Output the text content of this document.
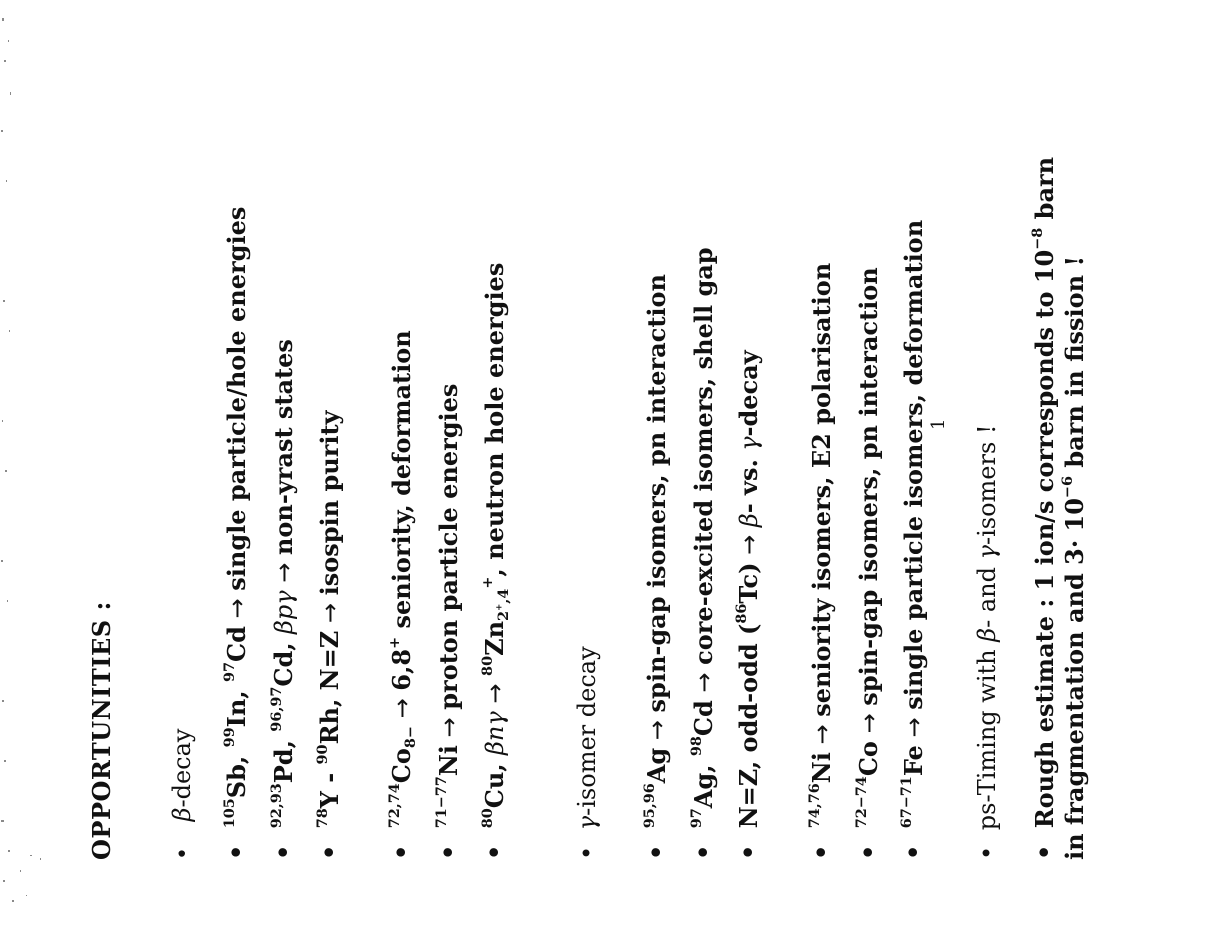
OPPORTUNITIES :	• β-decay
• $^{105}$Sb, $^{99}$In, $^{97}$Cd → single particle/hole energies
• $^{92,93}$Pd, $^{96,97}$Cd, βpγ → non-yrast states
• $^{78}$Y - $^{90}$Rh, N=Z → isospin purity
• $^{72,74}Co_{8-} \to 6,8^+$ seniority, deformation
• $^{71-77}$Ni → proton particle energies
• $^{80}$Cu, $\beta n\gamma \to ^{80}Zn_{2^+,4}^+$, neutron hole energies
• γ-isomer decay
• $^{95,96}$Ag → spin-gap isomers, pn interaction
• $^{97}$Ag, $^{98}$Cd → core-excited isomers, shell gap
• N=Z, odd-odd ($^{86}$Tc) → β- vs. γ-decay
• $^{74,76}$Ni → seniority isomers, E2 polarisation
• $^{72-74}$Co → spin-gap isomers, pn interaction
• $^{67-71}$Fe → single particle isomers, deformation
• ps-Timing with β- and γ-isomers !
• Rough estimate : 1 ion/s corresponds to $10^{-8}$ barn
in fragmentation and $3\cdot 10^{-6}$ barn in fission !
1
